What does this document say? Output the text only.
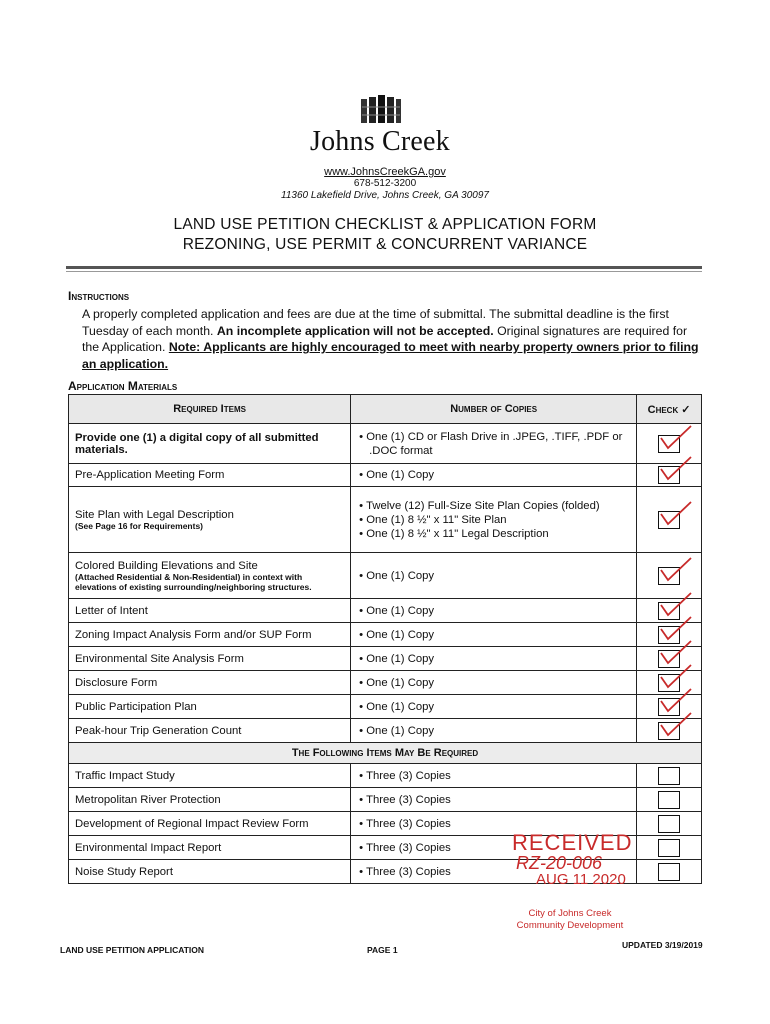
Johns Creek
www.JohnsCreekGA.gov
678-512-3200
11360 Lakefield Drive, Johns Creek, GA 30097
LAND USE PETITION CHECKLIST & APPLICATION FORM
REZONING, USE PERMIT & CONCURRENT VARIANCE
Instructions
A properly completed application and fees are due at the time of submittal. The submittal deadline is the first Tuesday of each month. An incomplete application will not be accepted. Original signatures are required for the Application. Note: Applicants are highly encouraged to meet with nearby property owners prior to filing an application.
Application Materials
Required Items	Number of Copies	Check ✓
Provide one (1) a digital copy of all submitted materials.	• One (1) CD or Flash Drive in .JPEG, .TIFF, .PDF or .DOC format

Pre-Application Meeting Form	• One (1) Copy

Site Plan with Legal Description
(See Page 16 for Requirements)	• Twelve (12) Full-Size Site Plan Copies (folded)
• One (1) 8 ½" x 11" Site Plan
• One (1) 8 ½" x 11" Legal Description

Colored Building Elevations and Site
(Attached Residential & Non-Residential) in context with elevations of existing surrounding/neighboring structures.	• One (1) Copy

Letter of Intent	• One (1) Copy

Zoning Impact Analysis Form and/or SUP Form	• One (1) Copy

Environmental Site Analysis Form	• One (1) Copy

Disclosure Form	• One (1) Copy

Public Participation Plan	• One (1) Copy

Peak-hour Trip Generation Count	• One (1) Copy

The Following Items May Be Required		
Traffic Impact Study	• Three (3) Copies	

Metropolitan River Protection	• Three (3) Copies	

Development of Regional Impact Review Form	• Three (3) Copies	

Environmental Impact Report	• Three (3) Copies	

Noise Study Report	• Three (3) Copies	

RECEIVED
RZ-20-006
AUG 11 2020
City of Johns Creek
Community Development
LAND USE PETITION APPLICATION	PAGE 1	UPDATED 3/19/2019
